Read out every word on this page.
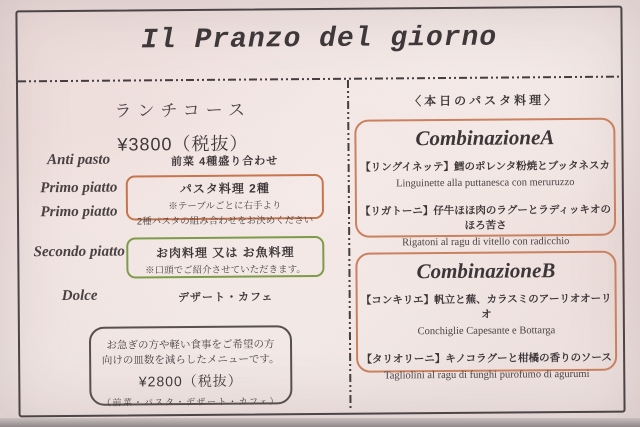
Il Pranzo del giorno
ランチコース
¥3800（税抜）
Anti pasto
Primo piatto
Primo piatto
Secondo piatto
Dolce
前菜 4種盛り合わせ
パスタ料理 2種
※テーブルごとに右手より
2種パスタの組み合わせをお決めください
お肉料理 又は お魚料理
※口頭でご紹介させていただきます。
デザート・カフェ
お急ぎの方や軽い食事をご希望の方
向けの皿数を減らしたメニューです。
¥2800（税抜）
（前菜・パスタ・デザート・カフェ）
〈本日のパスタ料理〉
CombinazioneA
【リングイネッテ】鱈のポレンタ粉焼とブッタネスカ
Linguinette alla puttanesca con meruruzzo
【リガトーニ】仔牛ほほ肉のラグーとラディッキオのほろ苦さ
Rigatoni al ragu di vitello con radicchio
CombinazioneB
【コンキリエ】帆立と蕪、カラスミのアーリオオーリオ
Conchiglie Capesante e Bottarga
【タリオリーニ】キノコラグーと柑橘の香りのソース
Tagliolini al ragu di funghi purofumo di agurumi
